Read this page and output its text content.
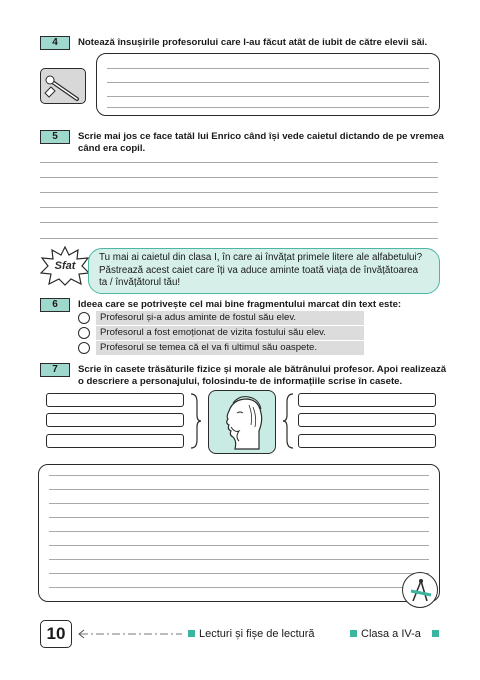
4	Notează însușirile profesorului care l-au făcut atât de iubit de către elevii săi.
5	Scrie mai jos ce face tatăl lui Enrico când își vede caietul dictando de pe vremea când era copil.
Sfat
Tu mai ai caietul din clasa I, în care ai învățat primele litere ale alfabetului?
Păstrează acest caiet care îți va aduce aminte toată viața de învățătoarea
ta / învățătorul tău!
6	Ideea care se potrivește cel mai bine fragmentului marcat din text este:
Profesorul și-a adus aminte de fostul său elev.
Profesorul a fost emoționat de vizita fostului său elev.
Profesorul se temea că el va fi ultimul său oaspete.
7	Scrie în casete trăsăturile fizice și morale ale bătrânului profesor. Apoi realizează
o descriere a personajului, folosindu-te de informațiile scrise în casete.
10	Lecturi și fișe de lectură	Clasa a IV-a
